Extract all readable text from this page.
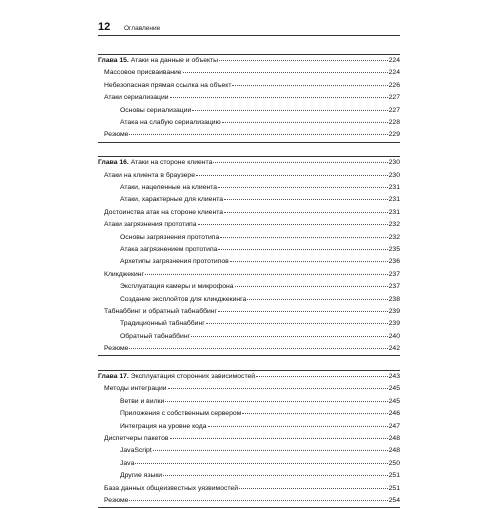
12	Оглавление
Глава 15. Атаки на данные и объекты	224
Массовое присваивание	224
Небезопасная прямая ссылка на объект	226
Атаки сериализации	227
Основы сериализации	227
Атака на слабую сериализацию	228
Резюме	229
Глава 16. Атаки на стороне клиента	230
Атаки на клиента в браузере	230
Атаки, нацеленные на клиента	231
Атаки, характерные для клиента	231
Достоинства атак на стороне клиента	231
Атаки загрязнения прототипа	232
Основы загрязнения прототипа	232
Атака загрязнением прототипа	235
Архетипы загрязнения прототипов	236
Кликджекинг	237
Эксплуатация камеры и микрофона	237
Создание эксплойтов для кликджекинга	238
Табнаббинг и обратный табнаббинг	239
Традиционный табнаббинг	239
Обратный табнаббинг	240
Резюме	242
Глава 17. Эксплуатация сторонних зависимостей	243
Методы интеграции	245
Ветви и вилки	245
Приложения с собственным сервером	246
Интеграция на уровне кода	247
Диспетчеры пакетов	248
JavaScript	248
Java	250
Другие языки	251
База данных общеизвестных уязвимостей	251
Резюме	254
